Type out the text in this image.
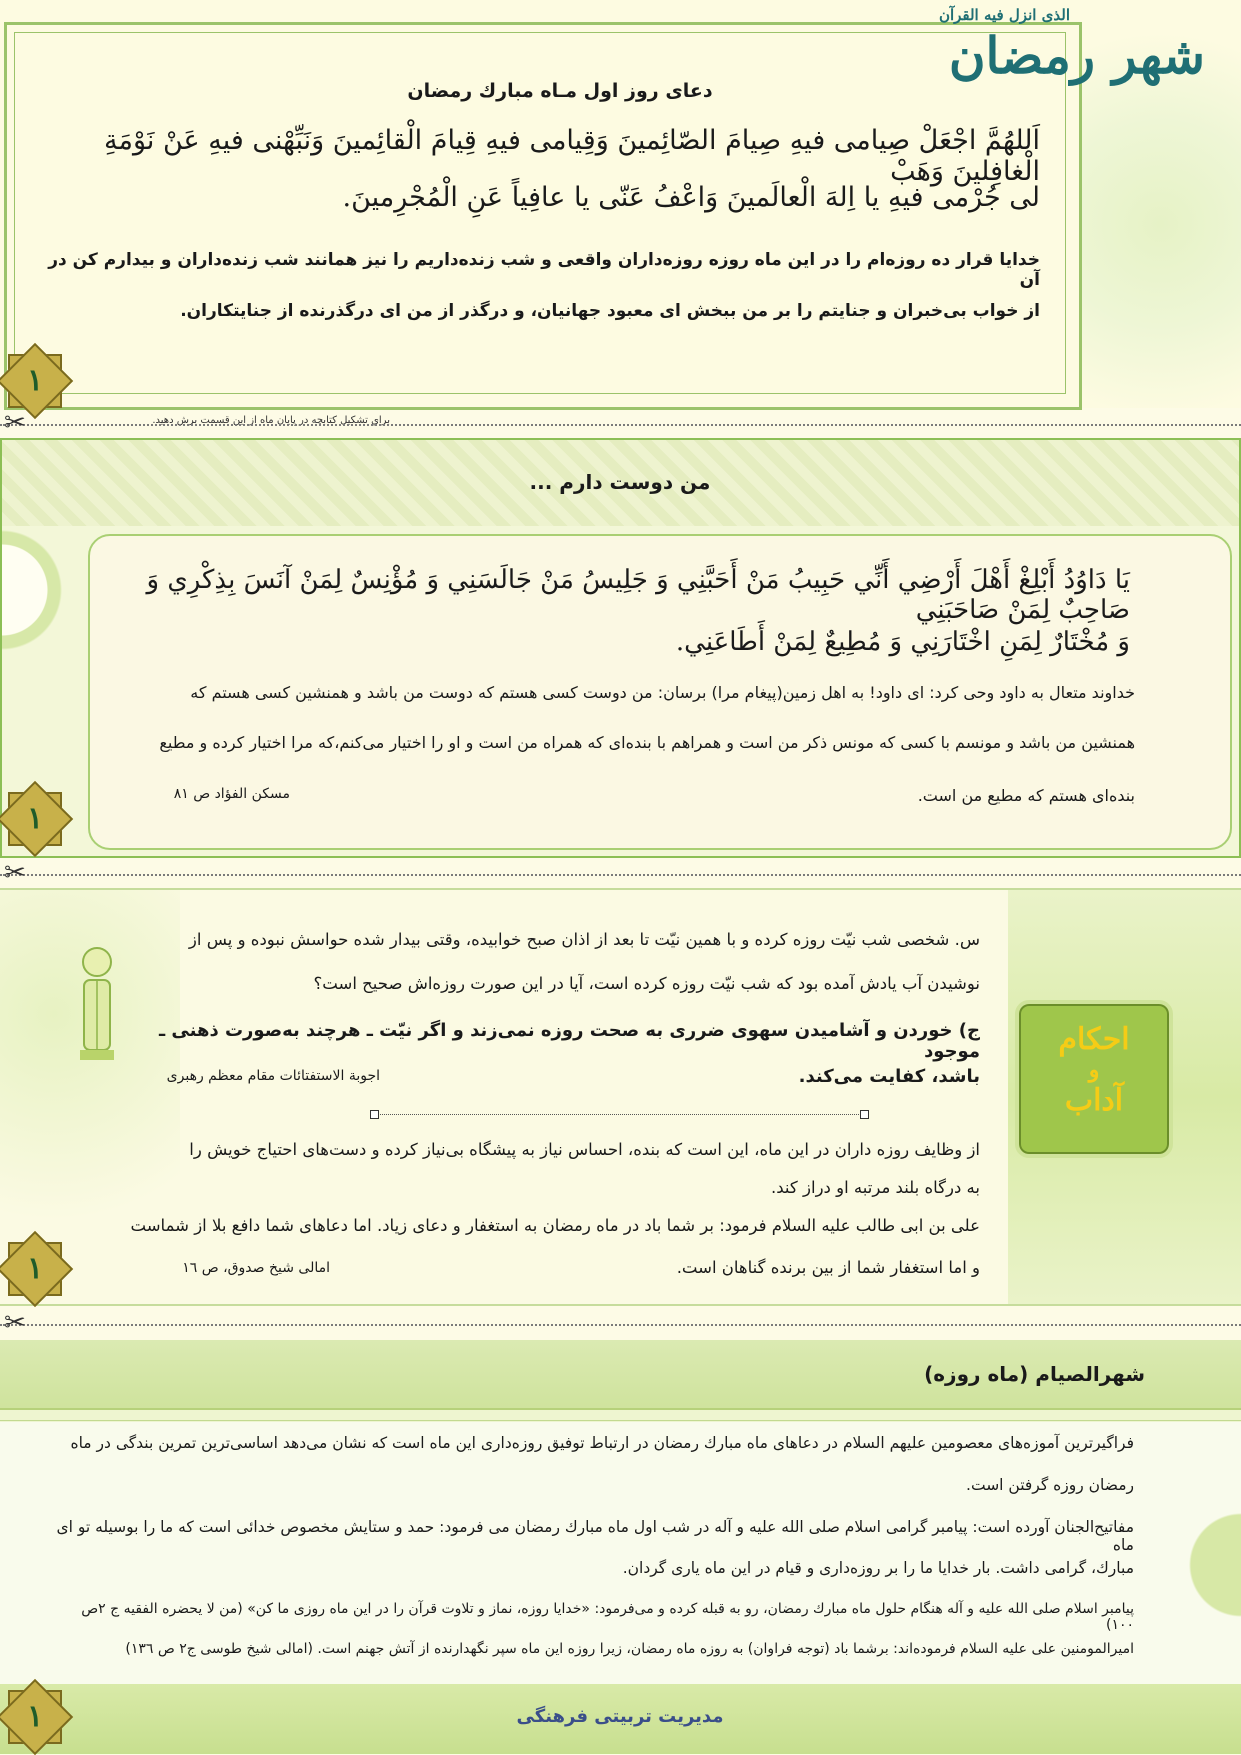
شهر رمضان
الذی انزل فیه القرآن
دعای روز اول مـاه مبارك رمضان
اَللهُمَّ اجْعَلْ صِيامى فيهِ صِيامَ الصّائِمينَ وَقِيامى فيهِ قِيامَ الْقائِمينَ وَنَبِّهْنى فيهِ عَنْ نَوْمَةِ الْغافِلينَ وَهَبْ
لى جُرْمى فيهِ يا اِلهَ الْعالَمينَ وَاعْفُ عَنّى يا عافِياً عَنِ الْمُجْرِمينَ.
خدايا قرار ده روزه‌ام را در اين ماه روزه روزه‌داران واقعى و شب زنده‌داريم را نيز همانند شب زنده‌داران و بيدارم كن در آن
از خواب بى‌خبران و جنايتم را بر من ببخش اى معبود جهانيان، و درگذر از من اى درگذرنده از جنايتكاران.
١
براي تشكيل كتابچه در پايان ماه از اين قسمت برش دهيد.
✂
من دوست دارم ...
يَا دَاوُدُ أَبْلِغْ أَهْلَ أَرْضِي أَنِّي حَبِيبُ مَنْ أَحَبَّنِي وَ جَلِيسُ مَنْ جَالَسَنِي وَ مُؤْنِسٌ لِمَنْ آنَسَ بِذِكْرِي وَ صَاحِبٌ لِمَنْ صَاحَبَنِي
وَ مُخْتَارٌ لِمَنِ اخْتَارَنِي وَ مُطِيعٌ لِمَنْ أَطَاعَنِي.
خداوند متعال به داود وحى كرد: اى داود! به اهل زمين(پيغام مرا) برسان: من دوست كسى هستم كه دوست من باشد و همنشين كسى هستم كه
همنشين من باشد و مونسم با كسى كه مونس ذكر من است و همراهم با بنده‌اى كه همراه من است و او را اختيار مى‌كنم،كه مرا اختيار كرده و مطيع
بنده‌اى هستم كه مطيع من است.
مسكن الفؤاد ص ٨١
١
✂
احكام
و
آداب
س. شخصى شب نيّت روزه كرده و با همين نيّت تا بعد از اذان صبح خوابيده، وقتى بيدار شده حواسش نبوده و پس از
نوشيدن آب يادش آمده بود كه شب نيّت روزه كرده است، آيا در اين صورت روزه‌اش صحيح است؟
ج) خوردن و آشاميدن سهوى ضررى به صحت روزه نمى‌زند و اگر نيّت ـ هرچند به‌صورت ذهنى ـ موجود
باشد، كفايت مى‌كند.
اجوبة الاستفتائات مقام معظم رهبرى
از وظايف روزه داران در اين ماه، اين است كه بنده، احساس نياز به پيشگاه بى‌نياز كرده و دست‌هاى احتياج خويش را
به درگاه بلند مرتبه او دراز كند.
على بن ابى طالب عليه السلام فرمود: بر شما باد در ماه رمضان به استغفار و دعاى زياد. اما دعاهاى شما دافع بلا از شماست
و اما استغفار شما از بين برنده گناهان است.
امالى شيخ صدوق، ص ١٦
١
✂
شهرالصيام (ماه روزه)
فراگيرترين آموزه‌هاى معصومين عليهم السلام در دعاهاى ماه مبارك رمضان در ارتباط توفيق روزه‌دارى اين ماه است كه نشان مى‌دهد اساسى‌ترين تمرين بندگى در ماه
رمضان روزه گرفتن است.
مفاتيح‌الجنان آورده است: پيامبر گرامى اسلام صلى الله عليه و آله در شب اول ماه مبارك رمضان مى فرمود: حمد و ستايش مخصوص خدائى است كه ما را بوسيله تو اى ماه
مبارك، گرامى داشت. بار خدايا ما را بر روزه‌دارى و قيام در اين ماه يارى گردان.
پيامبر اسلام صلى الله عليه و آله هنگام حلول ماه مبارك رمضان، رو به قبله كرده و مى‌فرمود: «خدايا روزه، نماز و تلاوت قرآن را در اين ماه روزى ما كن» (من لا يحضره الفقيه ج ٢ص ١٠٠)
اميرالمومنين على عليه السلام فرموده‌اند: برشما باد (توجه فراوان) به روزه ماه رمضان، زيرا روزه اين ماه سپر نگهدارنده از آتش جهنم است. (امالى شيخ طوسى ج٢ ص ١٣٦)
مديريت تربيتى فرهنگى
١
